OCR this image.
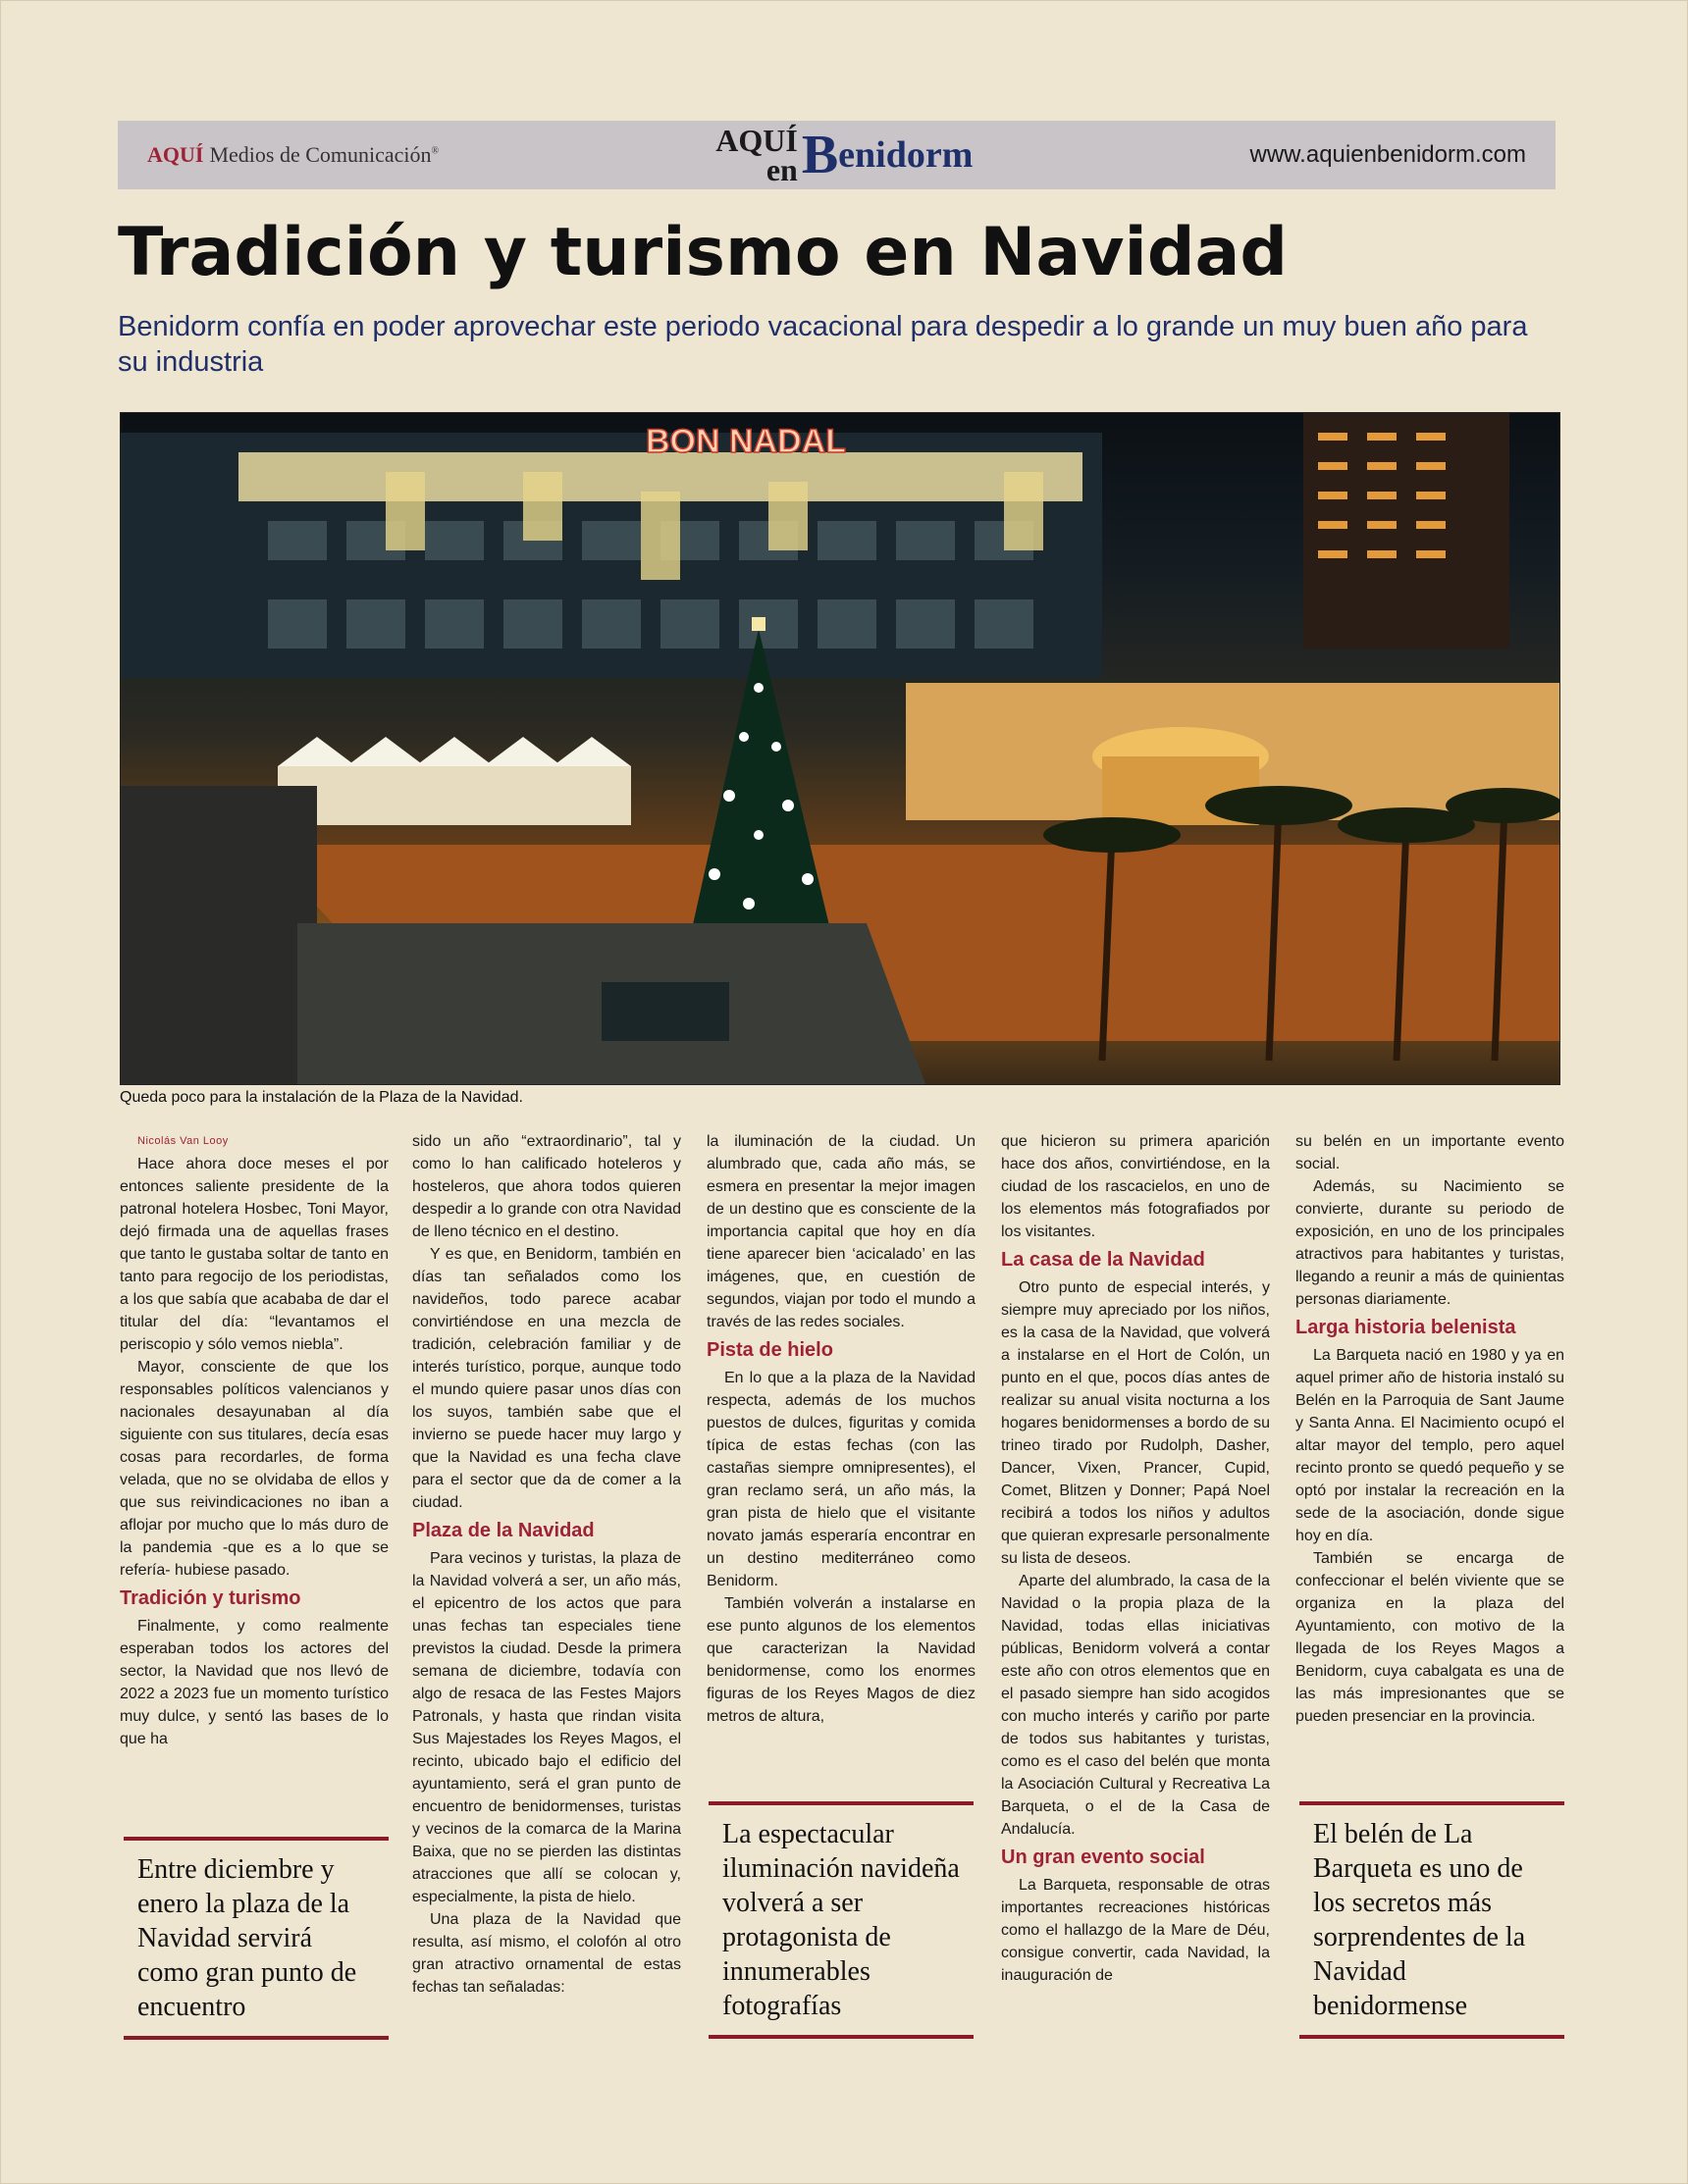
AQUÍ Medios de Comunicación®	AQUÍ
en B enidorm	www.aquienbenidorm.com
Tradición y turismo en Navidad

Benidorm confía en poder aprovechar este periodo vacacional para despedir a lo grande un muy buen año para su industria

BON NADAL

Queda poco para la instalación de la Plaza de la Navidad.

Nicolás Van Looy

Hace ahora doce meses el por entonces saliente presidente de la patronal hotelera Hosbec, Toni Mayor, dejó firmada una de aquellas frases que tanto le gustaba soltar de tanto en tanto para regocijo de los periodistas, a los que sabía que acababa de dar el titular del día: “levantamos el periscopio y sólo vemos niebla”.

Mayor, consciente de que los responsables políticos valencianos y nacionales desayunaban al día siguiente con sus titulares, decía esas cosas para recordarles, de forma velada, que no se olvidaba de ellos y que sus reivindicaciones no iban a aflojar por mucho que lo más duro de la pandemia -que es a lo que se refería- hubiese pasado.

Tradición y turismo

Finalmente, y como realmente esperaban todos los actores del sector, la Navidad que nos llevó de 2022 a 2023 fue un momento turístico muy dulce, y sentó las bases de lo que ha

sido un año “extraordinario”, tal y como lo han calificado hoteleros y hosteleros, que ahora todos quieren despedir a lo grande con otra Navidad de lleno técnico en el destino.

Y es que, en Benidorm, también en días tan señalados como los navideños, todo parece acabar convirtiéndose en una mezcla de tradición, celebración familiar y de interés turístico, porque, aunque todo el mundo quiere pasar unos días con los suyos, también sabe que el invierno se puede hacer muy largo y que la Navidad es una fecha clave para el sector que da de comer a la ciudad.

Plaza de la Navidad

Para vecinos y turistas, la plaza de la Navidad volverá a ser, un año más, el epicentro de los actos que para unas fechas tan especiales tiene previstos la ciudad. Desde la primera semana de diciembre, todavía con algo de resaca de las Festes Majors Patronals, y hasta que rindan visita Sus Majestades los Reyes Magos, el recinto, ubicado bajo el edificio del ayuntamiento, será el gran punto de encuentro de benidormenses, turistas y vecinos de la comarca de la Marina Baixa, que no se pierden las distintas atracciones que allí se colocan y, especialmente, la pista de hielo.

Una plaza de la Navidad que resulta, así mismo, el colofón al otro gran atractivo ornamental de estas fechas tan señaladas:

la iluminación de la ciudad. Un alumbrado que, cada año más, se esmera en presentar la mejor imagen de un destino que es consciente de la importancia capital que hoy en día tiene aparecer bien ‘acicalado’ en las imágenes, que, en cuestión de segundos, viajan por todo el mundo a través de las redes sociales.

Pista de hielo

En lo que a la plaza de la Navidad respecta, además de los muchos puestos de dulces, figuritas y comida típica de estas fechas (con las castañas siempre omnipresentes), el gran reclamo será, un año más, la gran pista de hielo que el visitante novato jamás esperaría encontrar en un destino mediterráneo como Benidorm.

También volverán a instalarse en ese punto algunos de los elementos que caracterizan la Navidad benidormense, como los enormes figuras de los Reyes Magos de diez metros de altura,

que hicieron su primera aparición hace dos años, convirtiéndose, en la ciudad de los rascacielos, en uno de los elementos más fotografiados por los visitantes.

La casa de la Navidad

Otro punto de especial interés, y siempre muy apreciado por los niños, es la casa de la Navidad, que volverá a instalarse en el Hort de Colón, un punto en el que, pocos días antes de realizar su anual visita nocturna a los hogares benidormenses a bordo de su trineo tirado por Rudolph, Dasher, Dancer, Vixen, Prancer, Cupid, Comet, Blitzen y Donner; Papá Noel recibirá a todos los niños y adultos que quieran expresarle personalmente su lista de deseos.

Aparte del alumbrado, la casa de la Navidad o la propia plaza de la Navidad, todas ellas iniciativas públicas, Benidorm volverá a contar este año con otros elementos que en el pasado siempre han sido acogidos con mucho interés y cariño por parte de todos sus habitantes y turistas, como es el caso del belén que monta la Asociación Cultural y Recreativa La Barqueta, o el de la Casa de Andalucía.

Un gran evento social

La Barqueta, responsable de otras importantes recreaciones históricas como el hallazgo de la Mare de Déu, consigue convertir, cada Navidad, la inauguración de

su belén en un importante evento social.

Además, su Nacimiento se convierte, durante su periodo de exposición, en uno de los principales atractivos para habitantes y turistas, llegando a reunir a más de quinientas personas diariamente.

Larga historia belenista

La Barqueta nació en 1980 y ya en aquel primer año de historia instaló su Belén en la Parroquia de Sant Jaume y Santa Anna. El Nacimiento ocupó el altar mayor del templo, pero aquel recinto pronto se quedó pequeño y se optó por instalar la recreación en la sede de la asociación, donde sigue hoy en día.

También se encarga de confeccionar el belén viviente que se organiza en la plaza del Ayuntamiento, con motivo de la llegada de los Reyes Magos a Benidorm, cuya cabalgata es una de las más impresionantes que se pueden presenciar en la provincia.

Entre diciembre y enero la plaza de la Navidad servirá como gran punto de encuentro
La espectacular iluminación navideña volverá a ser protagonista de innumerables fotografías
El belén de La Barqueta es uno de los secretos más sorprendentes de la Navidad benidormense
